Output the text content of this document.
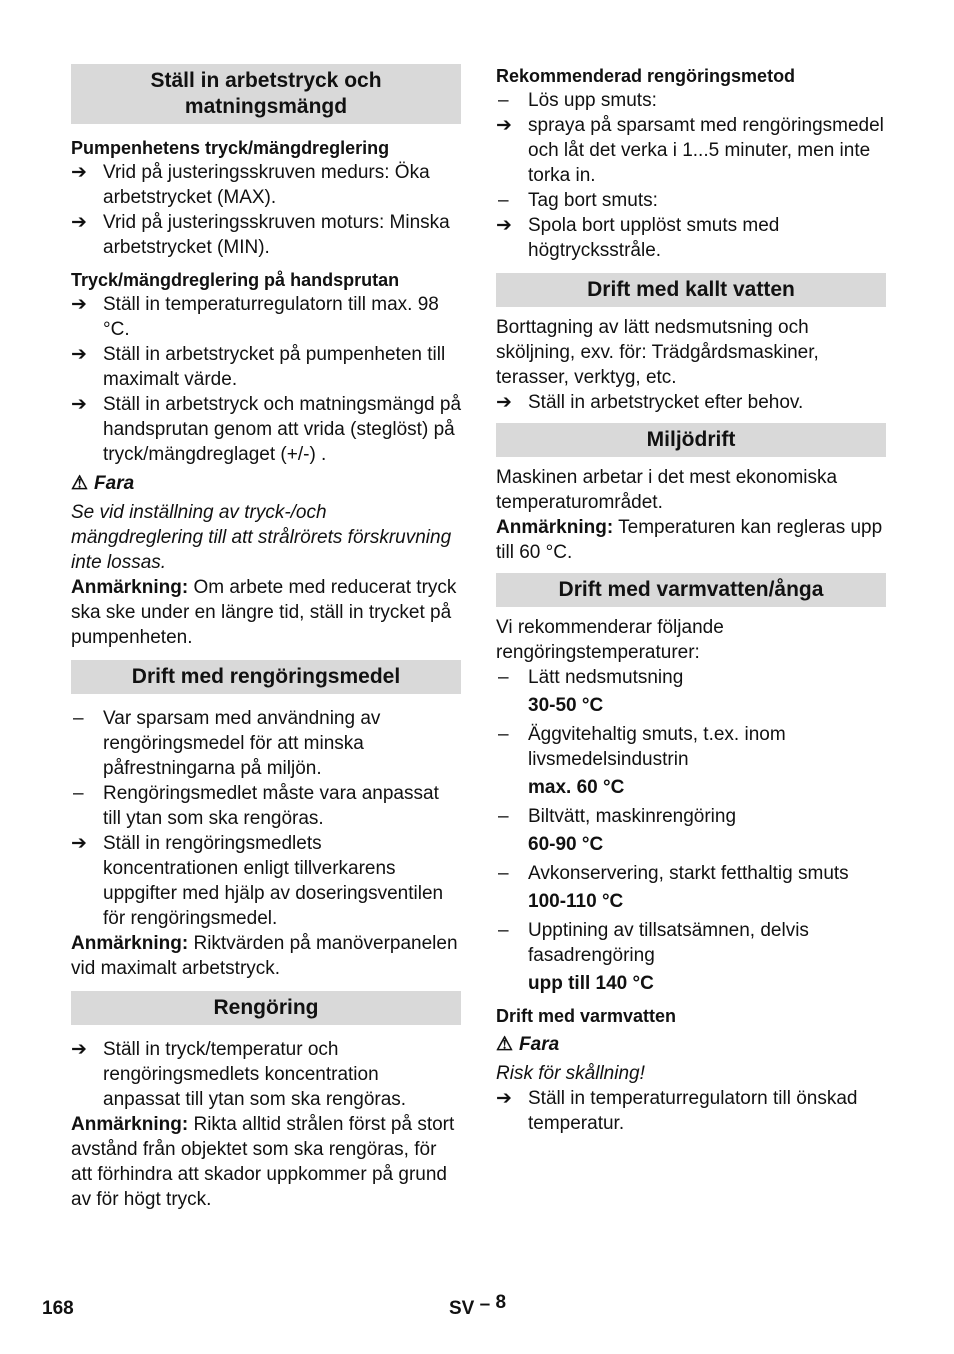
Ställ in arbetstryck och matningsmängd
Pumpenhetens tryck/mängdreglering
➔ Vrid på justeringsskruven medurs: Öka arbetstrycket (MAX).
➔ Vrid på justeringsskruven moturs: Minska arbetstrycket (MIN).
Tryck/mängdreglering på handsprutan
➔ Ställ in temperaturregulatorn till max. 98 °C.
➔ Ställ in arbetstrycket på pumpenheten till maximalt värde.
➔ Ställ in arbetstryck och matningsmängd på handsprutan genom att vrida (steglöst) på tryck/mängdreglaget (+/-) .
⚠ Fara
Se vid inställning av tryck-/och mängdreglering till att strålrörets förskruvning inte lossas.
Anmärkning: Om arbete med reducerat tryck ska ske under en längre tid, ställ in trycket på pumpenheten.
Drift med rengöringsmedel
–	Var sparsam med användning av rengöringsmedel för att minska påfrestningarna på miljön.
–	Rengöringsmedlet måste vara anpassat till ytan som ska rengöras.
➔ Ställ in rengöringsmedlets koncentrationen enligt tillverkarens uppgifter med hjälp av doseringsventilen för rengöringsmedel.
Anmärkning: Riktvärden på manöverpanelen vid maximalt arbetstryck.
Rengöring
➔ Ställ in tryck/temperatur och rengöringsmedlets koncentration anpassat till ytan som ska rengöras.
Anmärkning: Rikta alltid strålen först på stort avstånd från objektet som ska rengöras, för att förhindra att skador uppkommer på grund av för högt tryck.
Rekommenderad rengöringsmetod
–	Lös upp smuts:
➔ spraya på sparsamt med rengöringsmedel och låt det verka i 1...5 minuter, men inte torka in.
–	Tag bort smuts:
➔ Spola bort upplöst smuts med högtrycksstråle.
Drift med kallt vatten
Borttagning av lätt nedsmutsning och sköljning, exv. för: Trädgårdsmaskiner, terasser, verktyg, etc.
➔ Ställ in arbetstrycket efter behov.
Miljödrift
Maskinen arbetar i det mest ekonomiska temperaturområdet.
Anmärkning: Temperaturen kan regleras upp till 60 °C.
Drift med varmvatten/ånga
Vi rekommenderar följande rengöringstemperaturer:
–	Lätt nedsmutsning
30-50 °C
–	Äggvitehaltig smuts, t.ex. inom livsmedelsindustrin
max. 60 °C
–	Biltvätt, maskinrengöring
60-90 °C
–	Avkonservering, starkt fetthaltig smuts
100-110 °C
–	Upptining av tillsatsämnen, delvis fasadrengöring
upp till 140 °C
Drift med varmvatten
⚠ Fara
Risk för skållning!
➔ Ställ in temperaturregulatorn till önskad temperatur.
168	SV – 8
